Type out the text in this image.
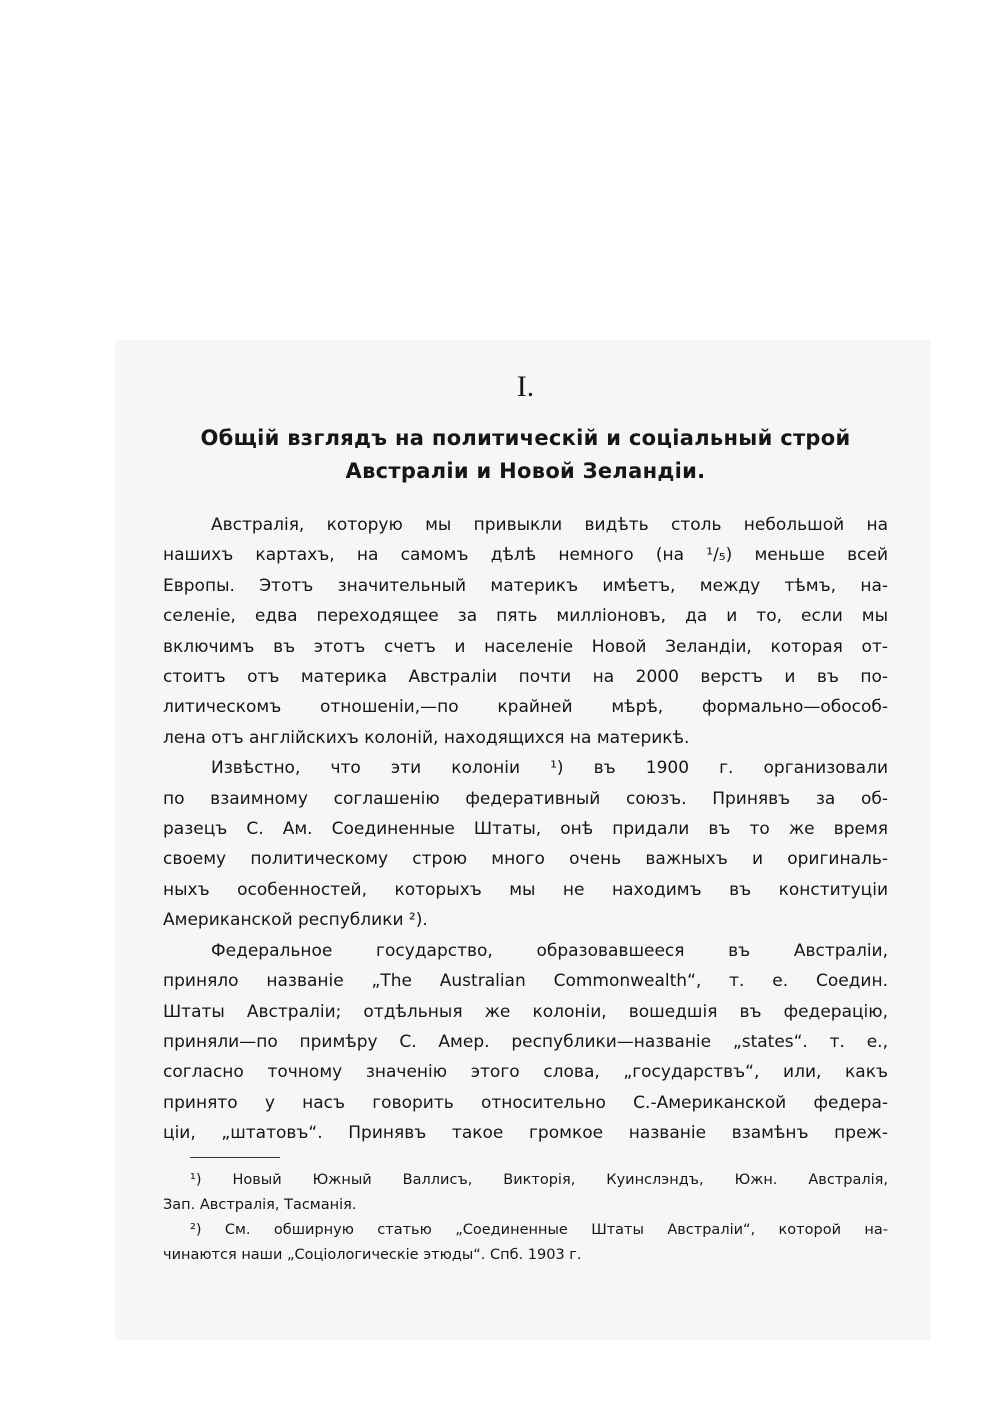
I.
Общій взглядъ на политическій и соціальный строй
Австраліи и Новой Зеландіи.

Австралія, которую мы привыкли видѣть столь небольшой на
нашихъ картахъ, на самомъ дѣлѣ немного (на ¹/₅) меньше всей
Европы. Этотъ значительный материкъ имѣетъ, между тѣмъ, на-
селеніе, едва переходящее за пять милліоновъ, да и то, если мы
включимъ въ этотъ счетъ и населеніе Новой Зеландіи, которая от-
стоитъ отъ материка Австраліи почти на 2000 верстъ и въ по-
литическомъ отношеніи,—по крайней мѣрѣ, формально—обособ-
лена отъ англійскихъ колоній, находящихся на материкѣ.

Извѣстно, что эти колоніи ¹) въ 1900 г. организовали
по взаимному соглашенію федеративный союзъ. Принявъ за об-
разецъ С. Ам. Соединенные Штаты, онѣ придали въ то же время
своему политическому строю много очень важныхъ и оригиналь-
ныхъ особенностей, которыхъ мы не находимъ въ конституціи
Американской республики ²).

Федеральное государство, образовавшееся въ Австраліи,
приняло названіе „The Australian Commonwealth“, т. е. Соедин.
Штаты Австраліи; отдѣльныя же колоніи, вошедшія въ федерацію,
приняли—по примѣру С. Амер. республики—названіе „states“. т. е.,
согласно точному значенію этого слова, „государствъ“, или, какъ
принято у насъ говорить относительно С.-Американской федера-
ціи, „штатовъ“. Принявъ такое громкое названіе взамѣнъ преж-

¹) Новый Южный Валлисъ, Викторія, Куинслэндъ, Южн. Австралія,
Зап. Австралія, Тасманія.
²) См. обширную статью „Соединенные Штаты Австраліи“, которой на-
чинаются наши „Соціологическіе этюды“. Спб. 1903 г.
